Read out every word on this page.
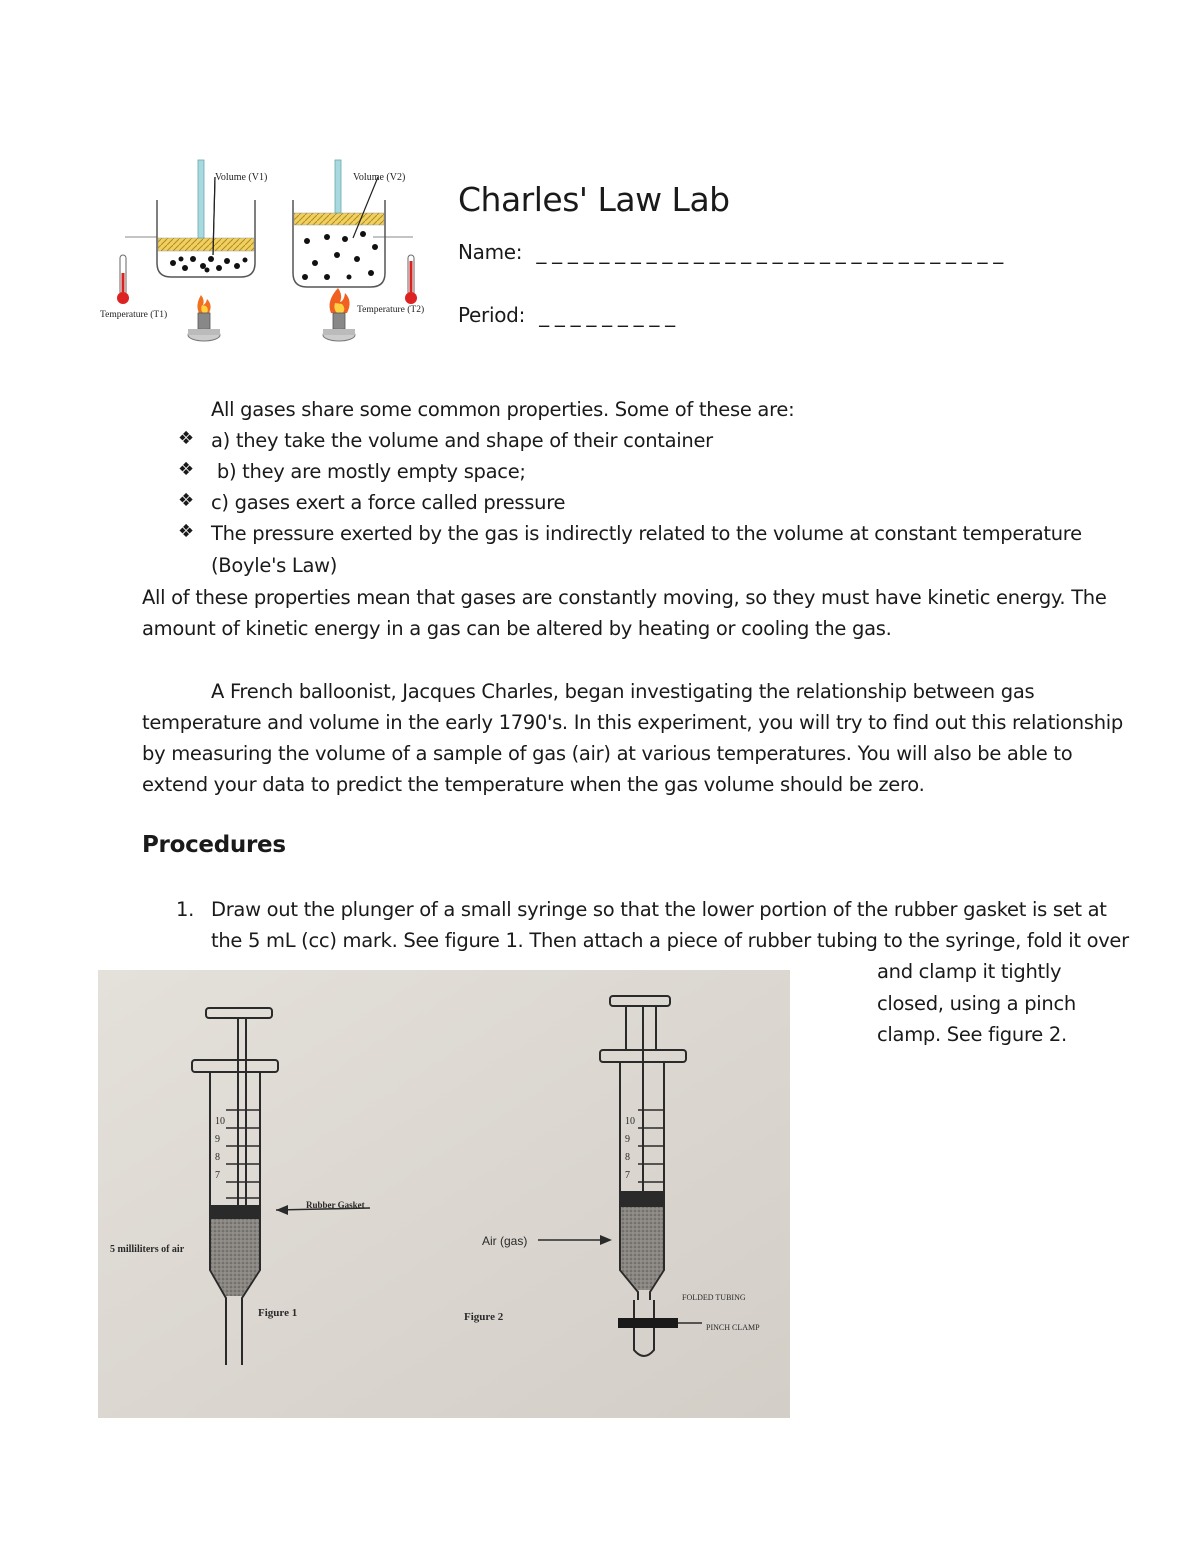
Volume (V1)	Volume (V2)
Temperature (T1)	Temperature (T2)
Charles' Law Lab
Name: _ _ _ _ _ _ _ _ _ _ _ _ _ _ _ _ _ _ _ _ _ _ _ _ _ _ _ _ _ _
Period: _ _ _ _ _ _ _ _ _
All gases share some common properties. Some of these are:
❖ a) they take the volume and shape of their container
❖ b) they are mostly empty space;
❖ c) gases exert a force called pressure
❖ The pressure exerted by the gas is indirectly related to the volume at constant temperature
(Boyle's Law)
All of these properties mean that gases are constantly moving, so they must have kinetic energy. The
amount of kinetic energy in a gas can be altered by heating or cooling the gas.
A French balloonist, Jacques Charles, began investigating the relationship between gas
temperature and volume in the early 1790's. In this experiment, you will try to find out this relationship
by measuring the volume of a sample of gas (air) at various temperatures. You will also be able to
extend your data to predict the temperature when the gas volume should be zero.
Procedures
1. Draw out the plunger of a small syringe so that the lower portion of the rubber gasket is set at
the 5 mL (cc) mark. See figure 1. Then attach a piece of rubber tubing to the syringe, fold it over
and clamp it tightly
closed, using a pinch
clamp. See figure 2.
10
9
8
7
Rubber Gasket
5 milliliters of air
Figure 1
10
9
8
7
Air (gas)
Figure 2
FOLDED TUBING
PINCH CLAMP
